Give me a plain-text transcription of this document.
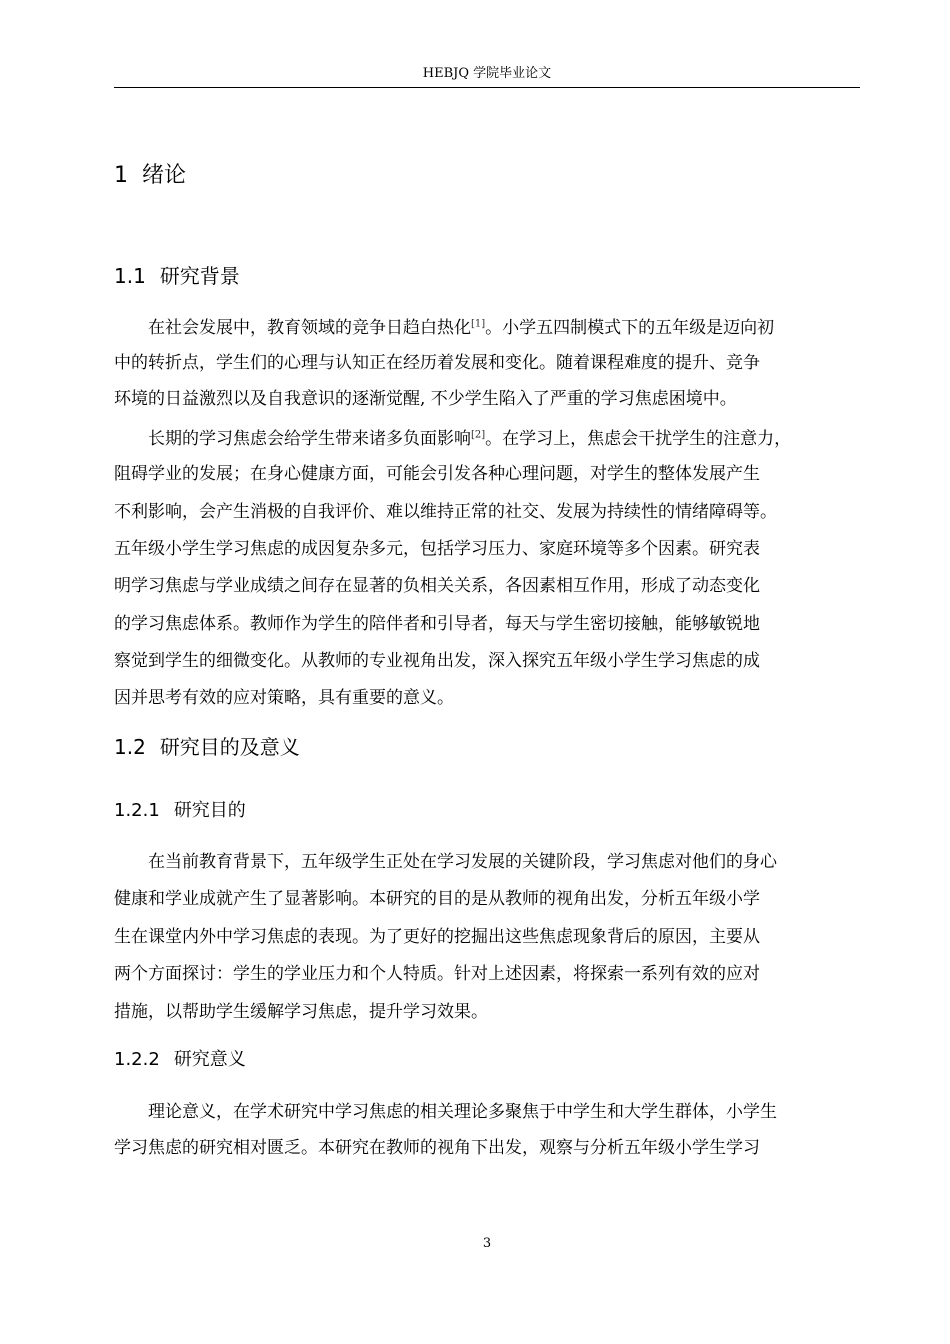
HEBJQ 学院毕业论文
1 绪论
1.1 研究背景
在社会发展中，教育领域的竞争日趋白热化[1]。小学五四制模式下的五年级是迈向初
中的转折点，学生们的心理与认知正在经历着发展和变化。随着课程难度的提升、竞争
环境的日益激烈以及自我意识的逐渐觉醒, 不少学生陷入了严重的学习焦虑困境中。
长期的学习焦虑会给学生带来诸多负面影响[2]。在学习上，焦虑会干扰学生的注意力，
阻碍学业的发展；在身心健康方面，可能会引发各种心理问题，对学生的整体发展产生
不利影响，会产生消极的自我评价、难以维持正常的社交、发展为持续性的情绪障碍等。
五年级小学生学习焦虑的成因复杂多元，包括学习压力、家庭环境等多个因素。研究表
明学习焦虑与学业成绩之间存在显著的负相关关系，各因素相互作用，形成了动态变化
的学习焦虑体系。教师作为学生的陪伴者和引导者，每天与学生密切接触，能够敏锐地
察觉到学生的细微变化。从教师的专业视角出发，深入探究五年级小学生学习焦虑的成
因并思考有效的应对策略，具有重要的意义。
1.2 研究目的及意义
1.2.1 研究目的
在当前教育背景下，五年级学生正处在学习发展的关键阶段，学习焦虑对他们的身心
健康和学业成就产生了显著影响。本研究的目的是从教师的视角出发，分析五年级小学
生在课堂内外中学习焦虑的表现。为了更好的挖掘出这些焦虑现象背后的原因，主要从
两个方面探讨：学生的学业压力和个人特质。针对上述因素，将探索一系列有效的应对
措施，以帮助学生缓解学习焦虑，提升学习效果。
1.2.2 研究意义
理论意义，在学术研究中学习焦虑的相关理论多聚焦于中学生和大学生群体，小学生
学习焦虑的研究相对匮乏。本研究在教师的视角下出发，观察与分析五年级小学生学习
3
